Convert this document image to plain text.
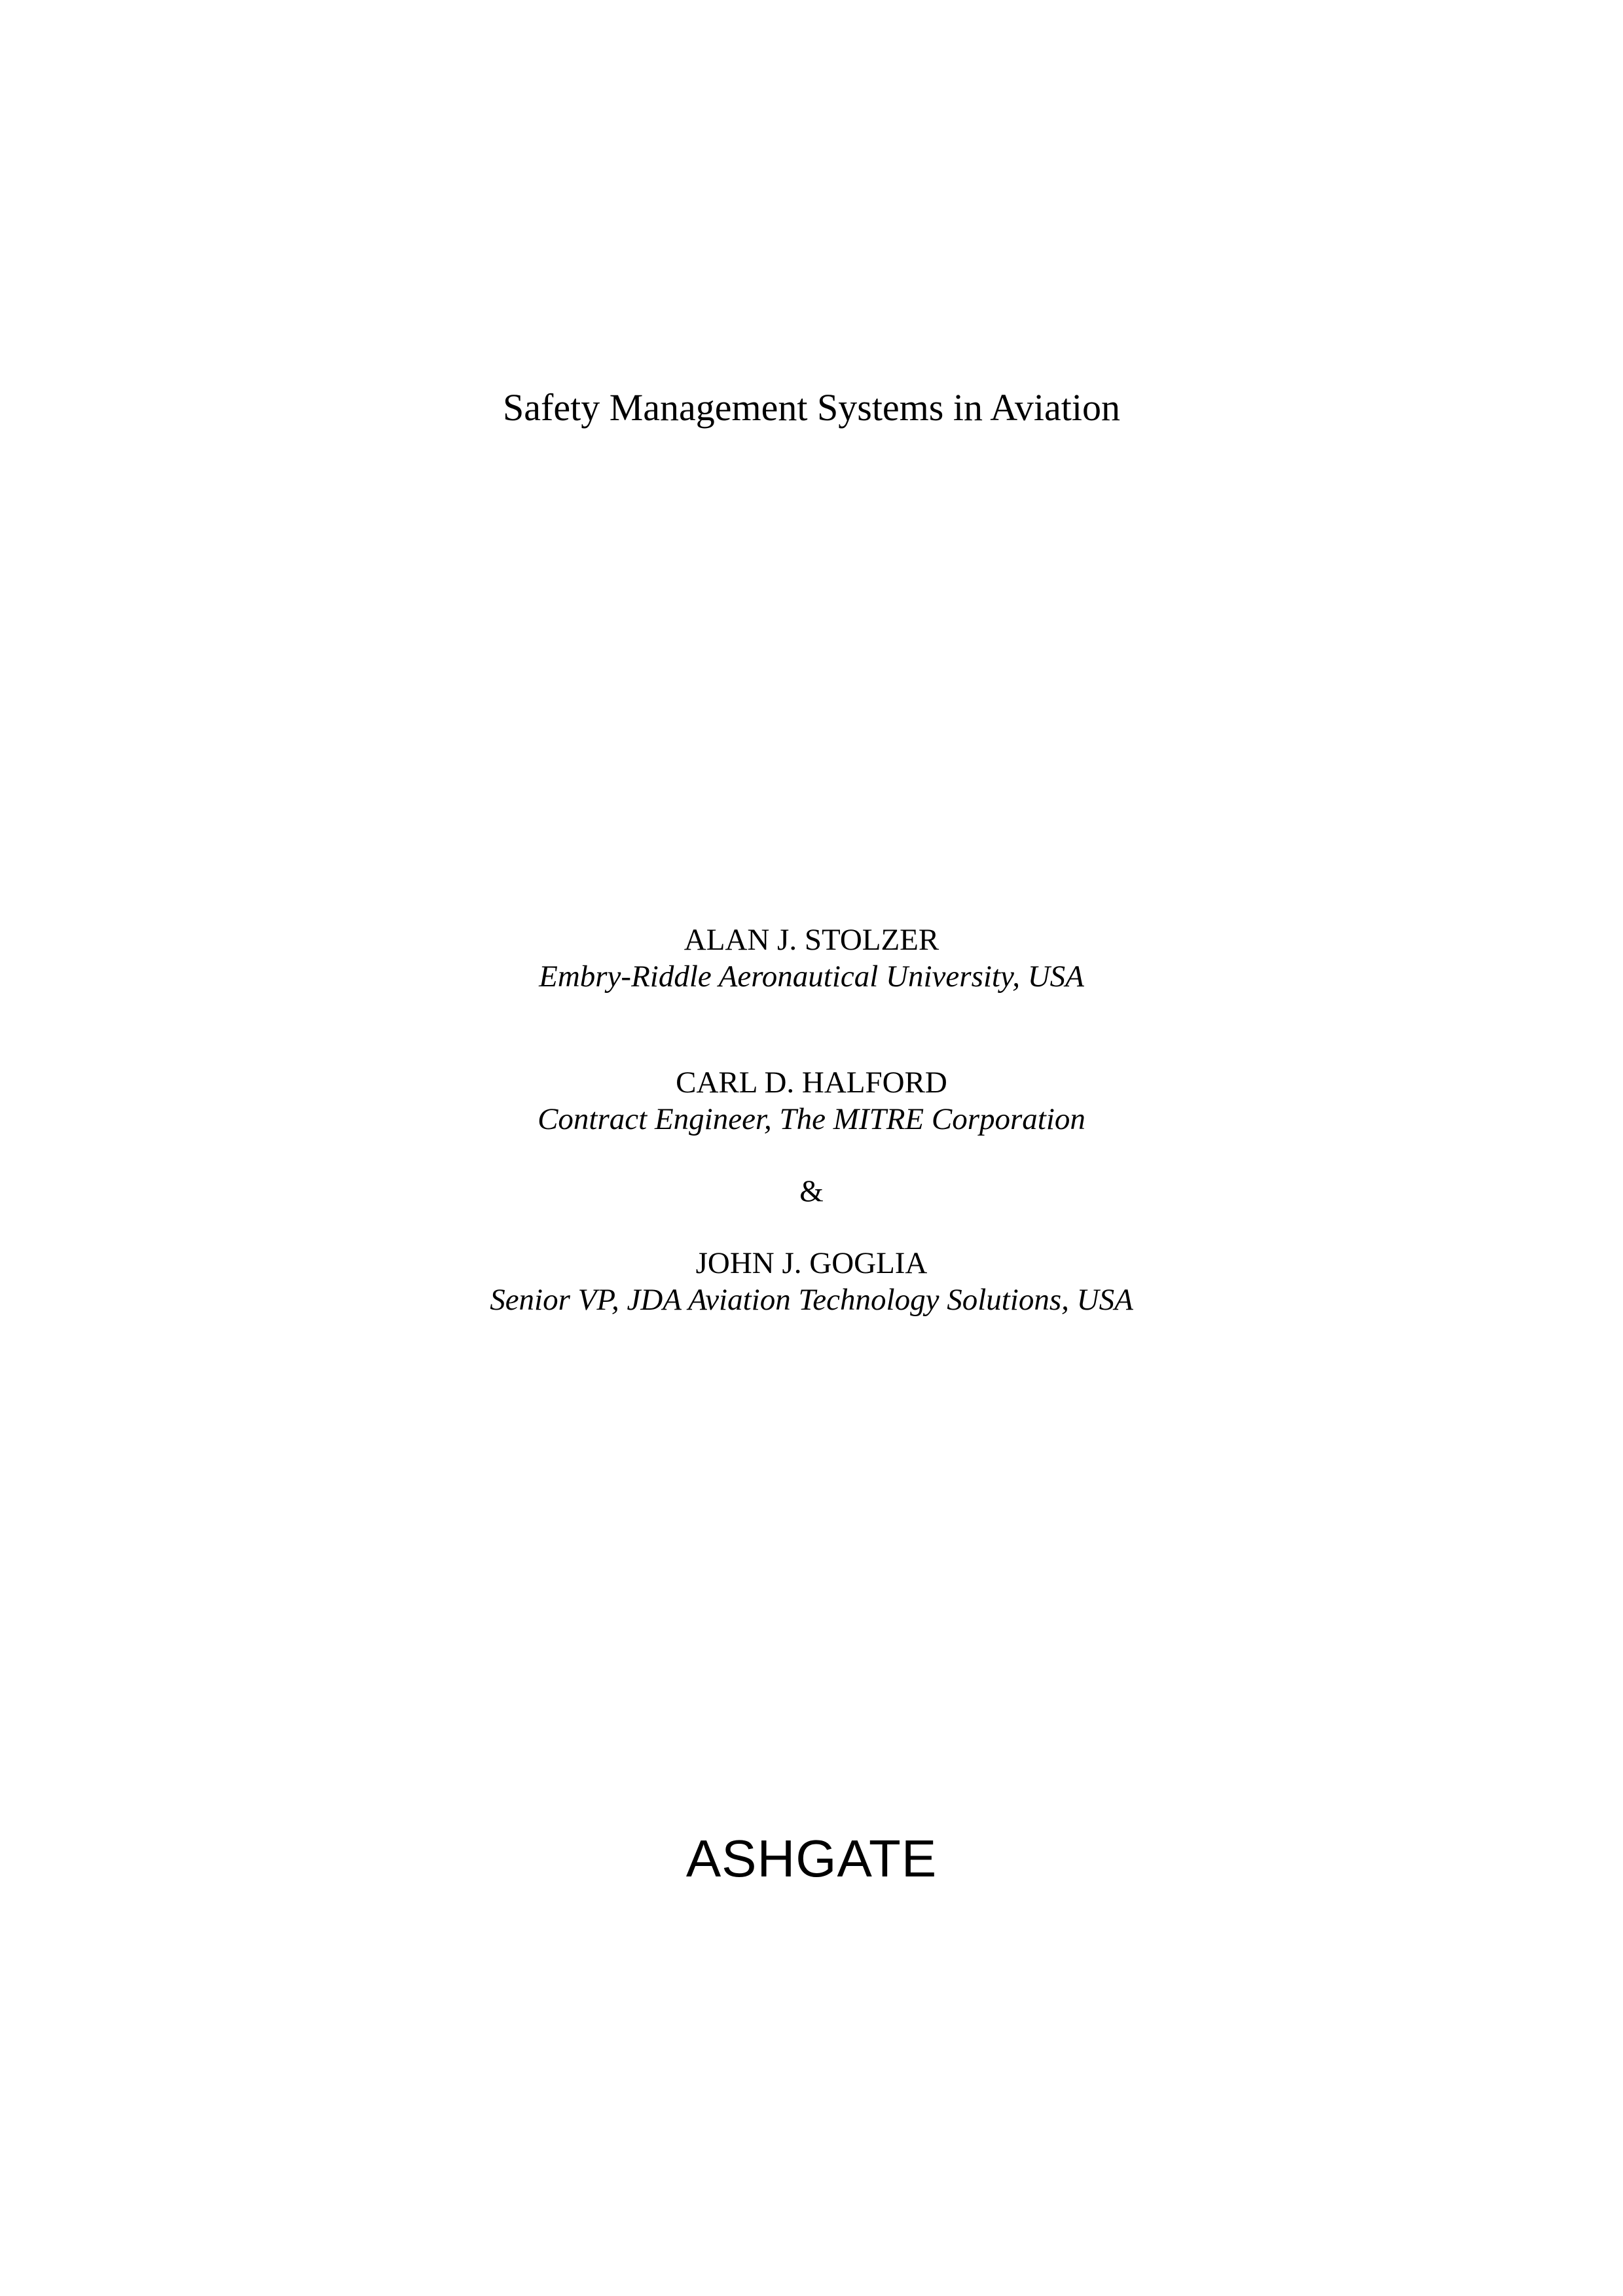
Safety Management Systems in Aviation
ALAN J. STOLZER
Embry-Riddle Aeronautical University, USA
CARL D. HALFORD
Contract Engineer, The MITRE Corporation
&
JOHN J. GOGLIA
Senior VP, JDA Aviation Technology Solutions, USA
ASHGATE
